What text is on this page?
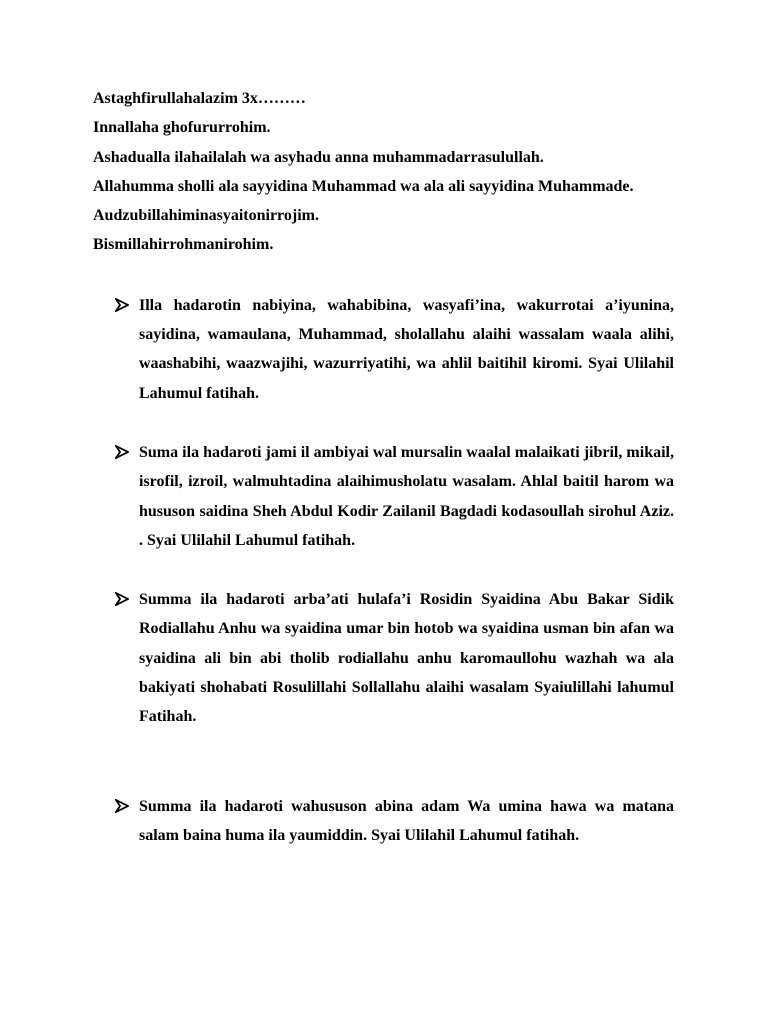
Astaghfirullahalazim 3x………

Innallaha ghofururrohim.

Ashadualla ilahailalah wa asyhadu anna muhammadarrasulullah.

Allahumma sholli ala sayyidina Muhammad wa ala ali sayyidina Muhammade.

Audzubillahiminasyaitonirrojim.

Bismillahirrohmanirohim.

Illa hadarotin nabiyina, wahabibina, wasyafi’ina, wakurrotai a’iyunina, sayidina, wamaulana, Muhammad, sholallahu alaihi wassalam waala alihi, waashabihi, waazwajihi, wazurriyatihi, wa ahlil baitihil kiromi. Syai Ulilahil Lahumul fatihah.
Suma ila hadaroti jami il ambiyai wal mursalin waalal malaikati jibril, mikail, isrofil, izroil, walmuhtadina alaihimusholatu wasalam. Ahlal baitil harom wa hususon saidina Sheh Abdul Kodir Zailanil Bagdadi kodasoullah sirohul Aziz. . Syai Ulilahil Lahumul fatihah.
Summa ila hadaroti arba’ati hulafa’i Rosidin Syaidina Abu Bakar Sidik Rodiallahu Anhu wa syaidina umar bin hotob wa syaidina usman bin afan wa syaidina ali bin abi tholib rodiallahu anhu karomaullohu wazhah wa ala bakiyati shohabati Rosulillahi Sollallahu alaihi wasalam Syaiulillahi lahumul Fatihah.
Summa ila hadaroti wahususon abina adam Wa umina hawa wa matana salam baina huma ila yaumiddin. Syai Ulilahil Lahumul fatihah.
